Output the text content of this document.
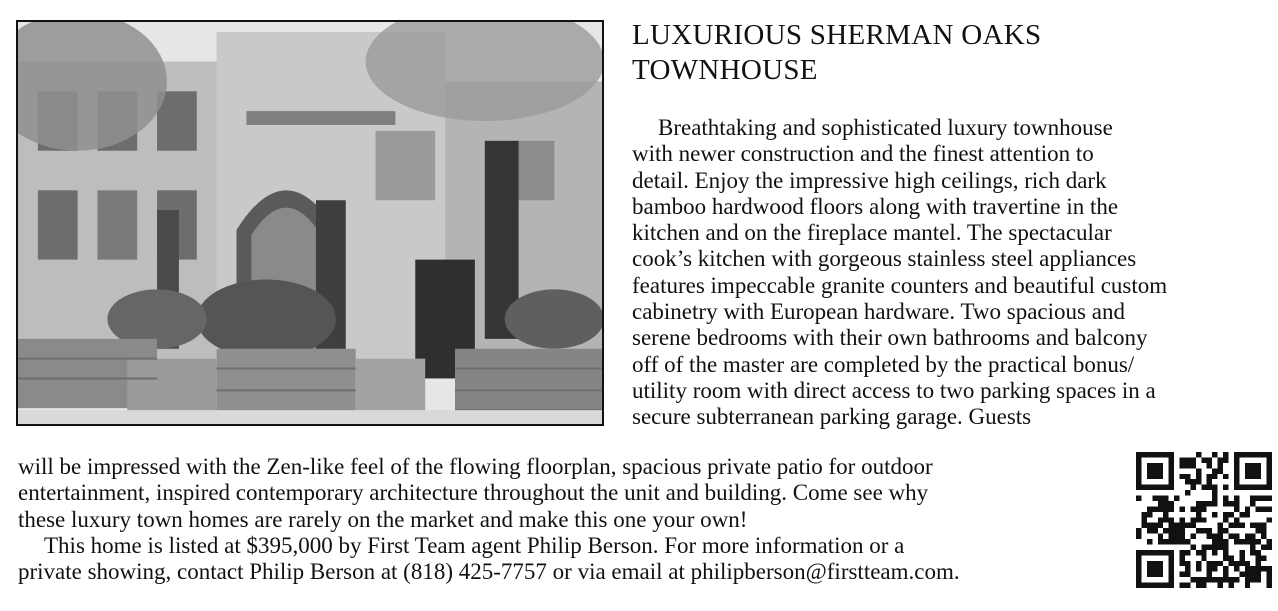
LUXURIOUS SHERMAN OAKS
TOWNHOUSE
Breathtaking and sophisticated luxury townhouse
with newer construction and the finest attention to
detail. Enjoy the impressive high ceilings, rich dark
bamboo hardwood floors along with travertine in the
kitchen and on the fireplace mantel. The spectacular
cook’s kitchen with gorgeous stainless steel appliances
features impeccable granite counters and beautiful custom
cabinetry with European hardware. Two spacious and
serene bedrooms with their own bathrooms and balcony
off of the master are completed by the practical bonus/
utility room with direct access to two parking spaces in a
secure subterranean parking garage. Guests
will be impressed with the Zen-like feel of the flowing floorplan, spacious private patio for outdoor
entertainment, inspired contemporary architecture throughout the unit and building. Come see why
these luxury town homes are rarely on the market and make this one your own!
This home is listed at $395,000 by First Team agent Philip Berson. For more information or a
private showing, contact Philip Berson at (818) 425-7757 or via email at philipberson@firstteam.com.
